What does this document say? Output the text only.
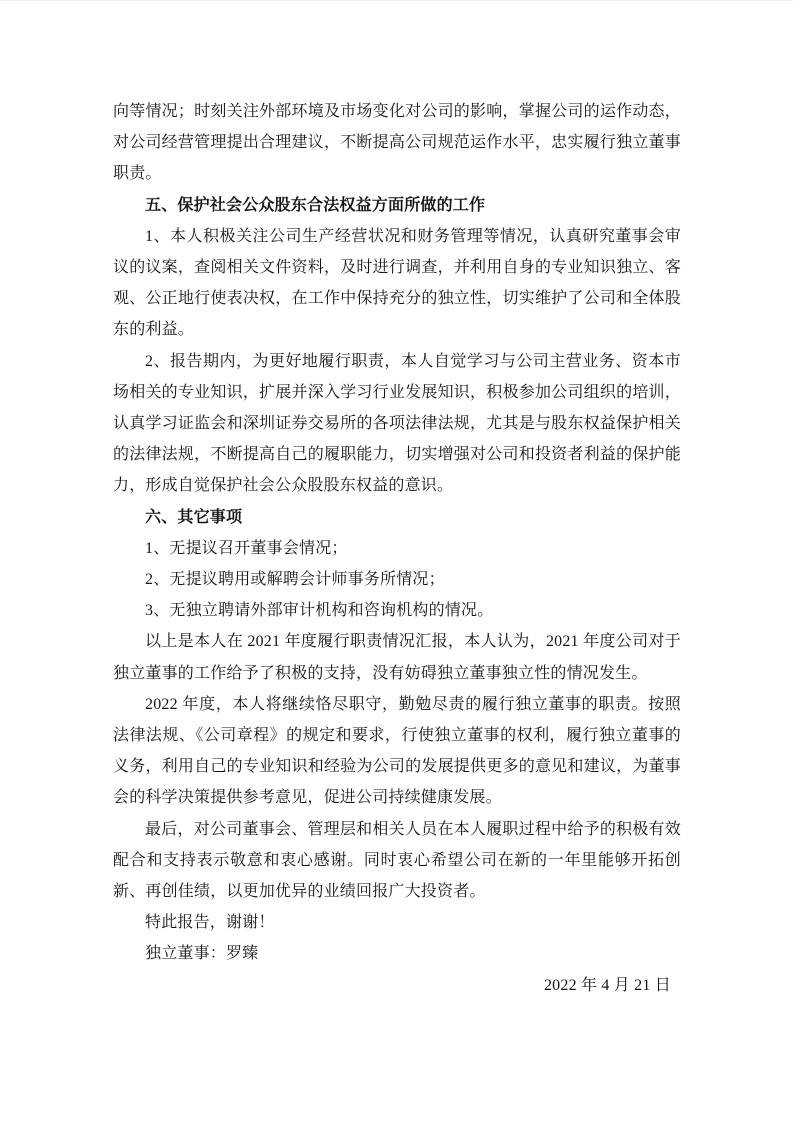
向等情况；时刻关注外部环境及市场变化对公司的影响，掌握公司的运作动态，对公司经营管理提出合理建议，不断提高公司规范运作水平，忠实履行独立董事职责。

五、保护社会公众股东合法权益方面所做的工作

1、本人积极关注公司生产经营状况和财务管理等情况，认真研究董事会审议的议案，查阅相关文件资料，及时进行调查，并利用自身的专业知识独立、客观、公正地行使表决权，在工作中保持充分的独立性，切实维护了公司和全体股东的利益。

2、报告期内，为更好地履行职责，本人自觉学习与公司主营业务、资本市场相关的专业知识，扩展并深入学习行业发展知识，积极参加公司组织的培训，认真学习证监会和深圳证券交易所的各项法律法规，尤其是与股东权益保护相关的法律法规，不断提高自己的履职能力，切实增强对公司和投资者利益的保护能力，形成自觉保护社会公众股股东权益的意识。

六、其它事项

1、无提议召开董事会情况；

2、无提议聘用或解聘会计师事务所情况；

3、无独立聘请外部审计机构和咨询机构的情况。

以上是本人在 2021 年度履行职责情况汇报，本人认为，2021 年度公司对于独立董事的工作给予了积极的支持，没有妨碍独立董事独立性的情况发生。

2022 年度，本人将继续恪尽职守，勤勉尽责的履行独立董事的职责。按照法律法规、《公司章程》的规定和要求，行使独立董事的权利，履行独立董事的义务，利用自己的专业知识和经验为公司的发展提供更多的意见和建议，为董事会的科学决策提供参考意见，促进公司持续健康发展。

最后，对公司董事会、管理层和相关人员在本人履职过程中给予的积极有效配合和支持表示敬意和衷心感谢。同时衷心希望公司在新的一年里能够开拓创新、再创佳绩，以更加优异的业绩回报广大投资者。

特此报告，谢谢！

独立董事：罗臻

2022 年 4 月 21 日
